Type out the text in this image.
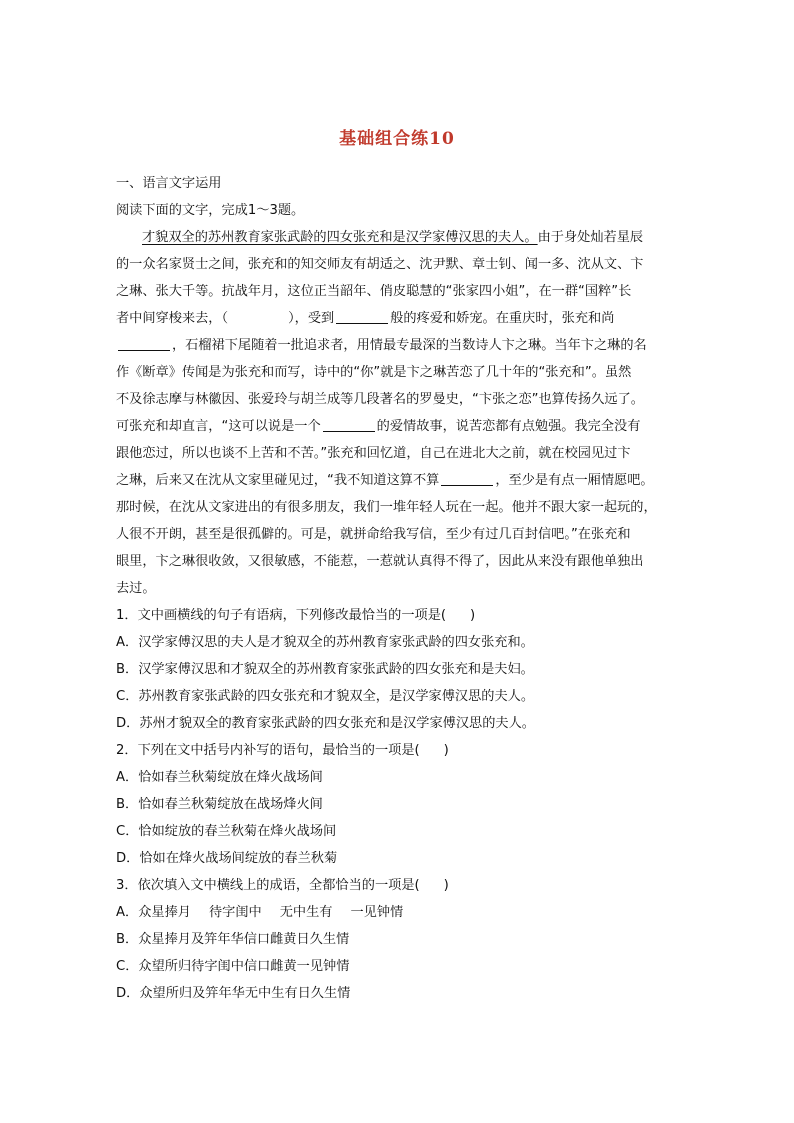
基础组合练10
一、语言文字运用
阅读下面的文字，完成1～3题。
才貌双全的苏州教育家张武龄的四女张充和是汉学家傅汉思的夫人。由于身处灿若星辰
的一众名家贤士之间，张充和的知交师友有胡适之、沈尹默、章士钊、闻一多、沈从文、卞
之琳、张大千等。抗战年月，这位正当韶年、俏皮聪慧的“张家四小姐”，在一群“国粹”长
者中间穿梭来去，（	），受到	般的疼爱和娇宠。在重庆时，张充和尚
，石榴裙下尾随着一批追求者，用情最专最深的当数诗人卞之琳。当年卞之琳的名
作《断章》传闻是为张充和而写，诗中的“你”就是卞之琳苦恋了几十年的“张充和”。虽然
不及徐志摩与林徽因、张爱玲与胡兰成等几段著名的罗曼史，“卞张之恋”也算传扬久远了。
可张充和却直言，“这可以说是一个	的爱情故事，说苦恋都有点勉强。我完全没有
跟他恋过，所以也谈不上苦和不苦。”张充和回忆道，自己在进北大之前，就在校园见过卞
之琳，后来又在沈从文家里碰见过，“我不知道这算不算	，至少是有点一厢情愿吧。
那时候，在沈从文家进出的有很多朋友，我们一堆年轻人玩在一起。他并不跟大家一起玩的，
人很不开朗，甚至是很孤僻的。可是，就拼命给我写信，至少有过几百封信吧。”在张充和
眼里，卞之琳很收敛，又很敏感，不能惹，一惹就认真得不得了，因此从来没有跟他单独出
去过。
1．文中画横线的句子有语病，下列修改最恰当的一项是( )
A．汉学家傅汉思的夫人是才貌双全的苏州教育家张武龄的四女张充和。
B．汉学家傅汉思和才貌双全的苏州教育家张武龄的四女张充和是夫妇。
C．苏州教育家张武龄的四女张充和才貌双全，是汉学家傅汉思的夫人。
D．苏州才貌双全的教育家张武龄的四女张充和是汉学家傅汉思的夫人。
2．下列在文中括号内补写的语句，最恰当的一项是( )
A．恰如春兰秋菊绽放在烽火战场间
B．恰如春兰秋菊绽放在战场烽火间
C．恰如绽放的春兰秋菊在烽火战场间
D．恰如在烽火战场间绽放的春兰秋菊
3．依次填入文中横线上的成语，全都恰当的一项是( )
A．众星捧月 待字闺中 无中生有 一见钟情
B．众星捧月及笄年华信口雌黄日久生情
C．众望所归待字闺中信口雌黄一见钟情
D．众望所归及笄年华无中生有日久生情
